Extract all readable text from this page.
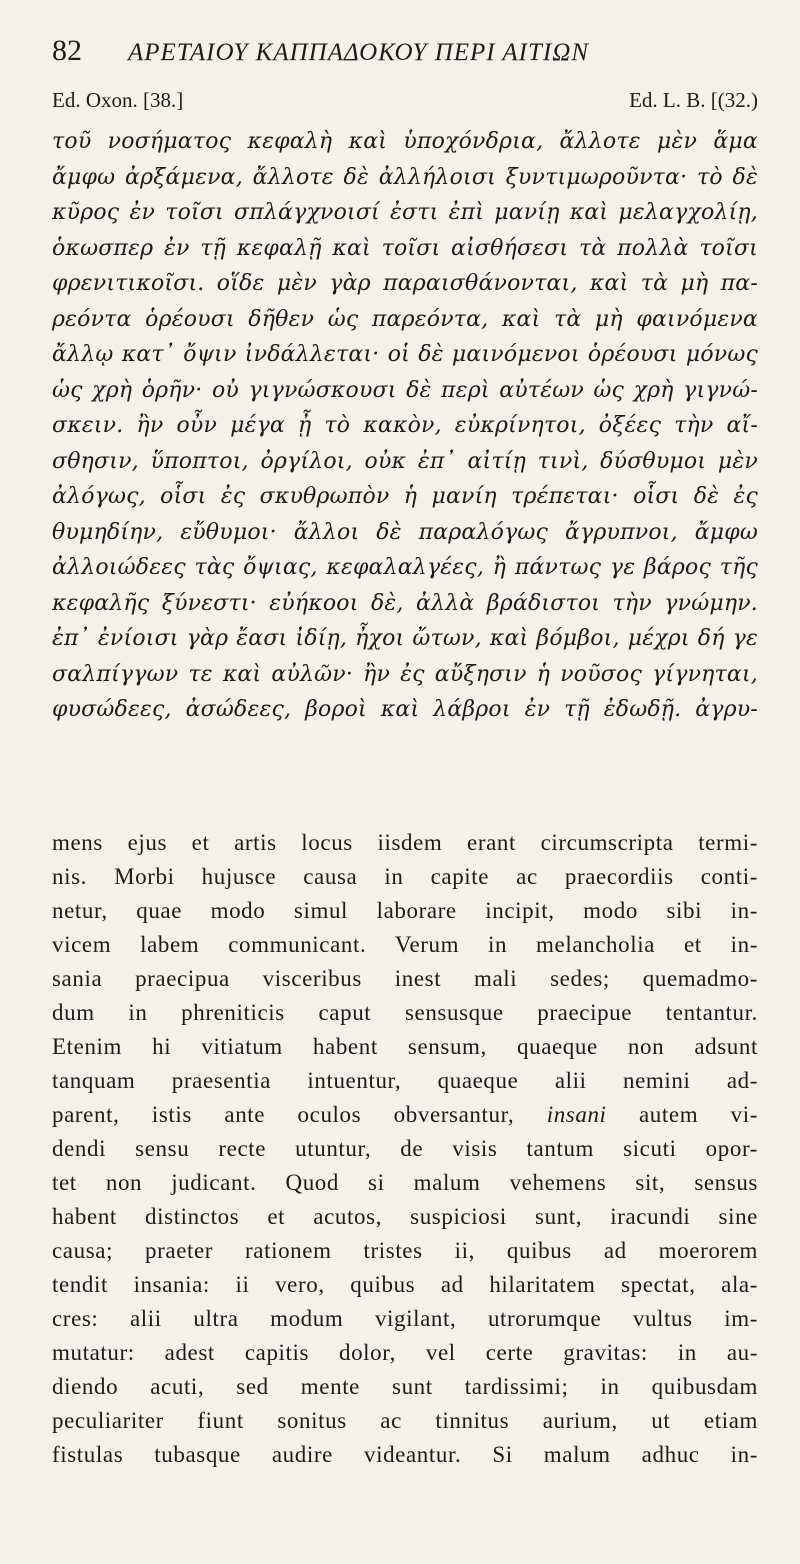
82 ΑΡΕΤΑΙΟΥ ΚΑΠΠΑΔΟΚΟΥ ΠΕΡΙ ΑΙΤΙΩΝ
Ed. Oxon. [38.]	Ed. L. B. [(32.)
τοῦ νοσήματος κεφαλὴ καὶ ὑποχόνδρια, ἄλλοτε μὲν ἅμα
ἄμφω ἀρξάμενα, ἄλλοτε δὲ ἀλλήλοισι ξυντιμωροῦντα· τὸ δὲ
κῦρος ἐν τοῖσι σπλάγχνοισί ἐστι ἐπὶ μανίῃ καὶ μελαγχολίῃ,
ὁκωσπερ ἐν τῇ κεφαλῇ καὶ τοῖσι αἰσθήσεσι τὰ πολλὰ τοῖσι
φρενιτικοῖσι. οἵδε μὲν γὰρ παραισθάνονται, καὶ τὰ μὴ πα-
ρεόντα ὁρέουσι δῆθεν ὡς παρεόντα, καὶ τὰ μὴ φαινόμενα
ἄλλῳ κατ᾽ ὄψιν ἰνδάλλεται· οἱ δὲ μαινόμενοι ὁρέουσι μόνως
ὡς χρὴ ὁρῆν· οὐ γιγνώσκουσι δὲ περὶ αὐτέων ὡς χρὴ γιγνώ-
σκειν. ἢν οὖν μέγα ᾖ τὸ κακὸν, εὐκρίνητοι, ὀξέες τὴν αἴ-
σθησιν, ὕποπτοι, ὀργίλοι, οὐκ ἐπ᾽ αἰτίῃ τινὶ, δύσθυμοι μὲν
ἀλόγως, οἷσι ἐς σκυθρωπὸν ἡ μανίη τρέπεται· οἷσι δὲ ἐς
θυμηδίην, εὔθυμοι· ἄλλοι δὲ παραλόγως ἄγρυπνοι, ἄμφω
ἀλλοιώδεες τὰς ὄψιας, κεφαλαλγέες, ἢ πάντως γε βάρος τῆς
κεφαλῆς ξύνεστι· εὐήκοοι δὲ, ἀλλὰ βράδιστοι τὴν γνώμην.
ἐπ᾽ ἐνίοισι γὰρ ἔασι ἰδίῃ, ἦχοι ὤτων, καὶ βόμβοι, μέχρι δή γε
σαλπίγγων τε καὶ αὐλῶν· ἢν ἐς αὔξησιν ἡ νοῦσος γίγνηται,
φυσώδεες, ἀσώδεες, βοροὶ καὶ λάβροι ἐν τῇ ἐδωδῇ. ἀγρυ-
mens ejus et artis locus iisdem erant circumscripta termi-
nis. Morbi hujusce causa in capite ac praecordiis conti-
netur, quae modo simul laborare incipit, modo sibi in-
vicem labem communicant. Verum in melancholia et in-
sania praecipua visceribus inest mali sedes; quemadmo-
dum in phreniticis caput sensusque praecipue tentantur.
Etenim hi vitiatum habent sensum, quaeque non adsunt
tanquam praesentia intuentur, quaeque alii nemini ad-
parent, istis ante oculos obversantur, insani autem vi-
dendi sensu recte utuntur, de visis tantum sicuti opor-
tet non judicant. Quod si malum vehemens sit, sensus
habent distinctos et acutos, suspiciosi sunt, iracundi sine
causa; praeter rationem tristes ii, quibus ad moerorem
tendit insania: ii vero, quibus ad hilaritatem spectat, ala-
cres: alii ultra modum vigilant, utrorumque vultus im-
mutatur: adest capitis dolor, vel certe gravitas: in au-
diendo acuti, sed mente sunt tardissimi; in quibusdam
peculiariter fiunt sonitus ac tinnitus aurium, ut etiam
fistulas tubasque audire videantur. Si malum adhuc in-
